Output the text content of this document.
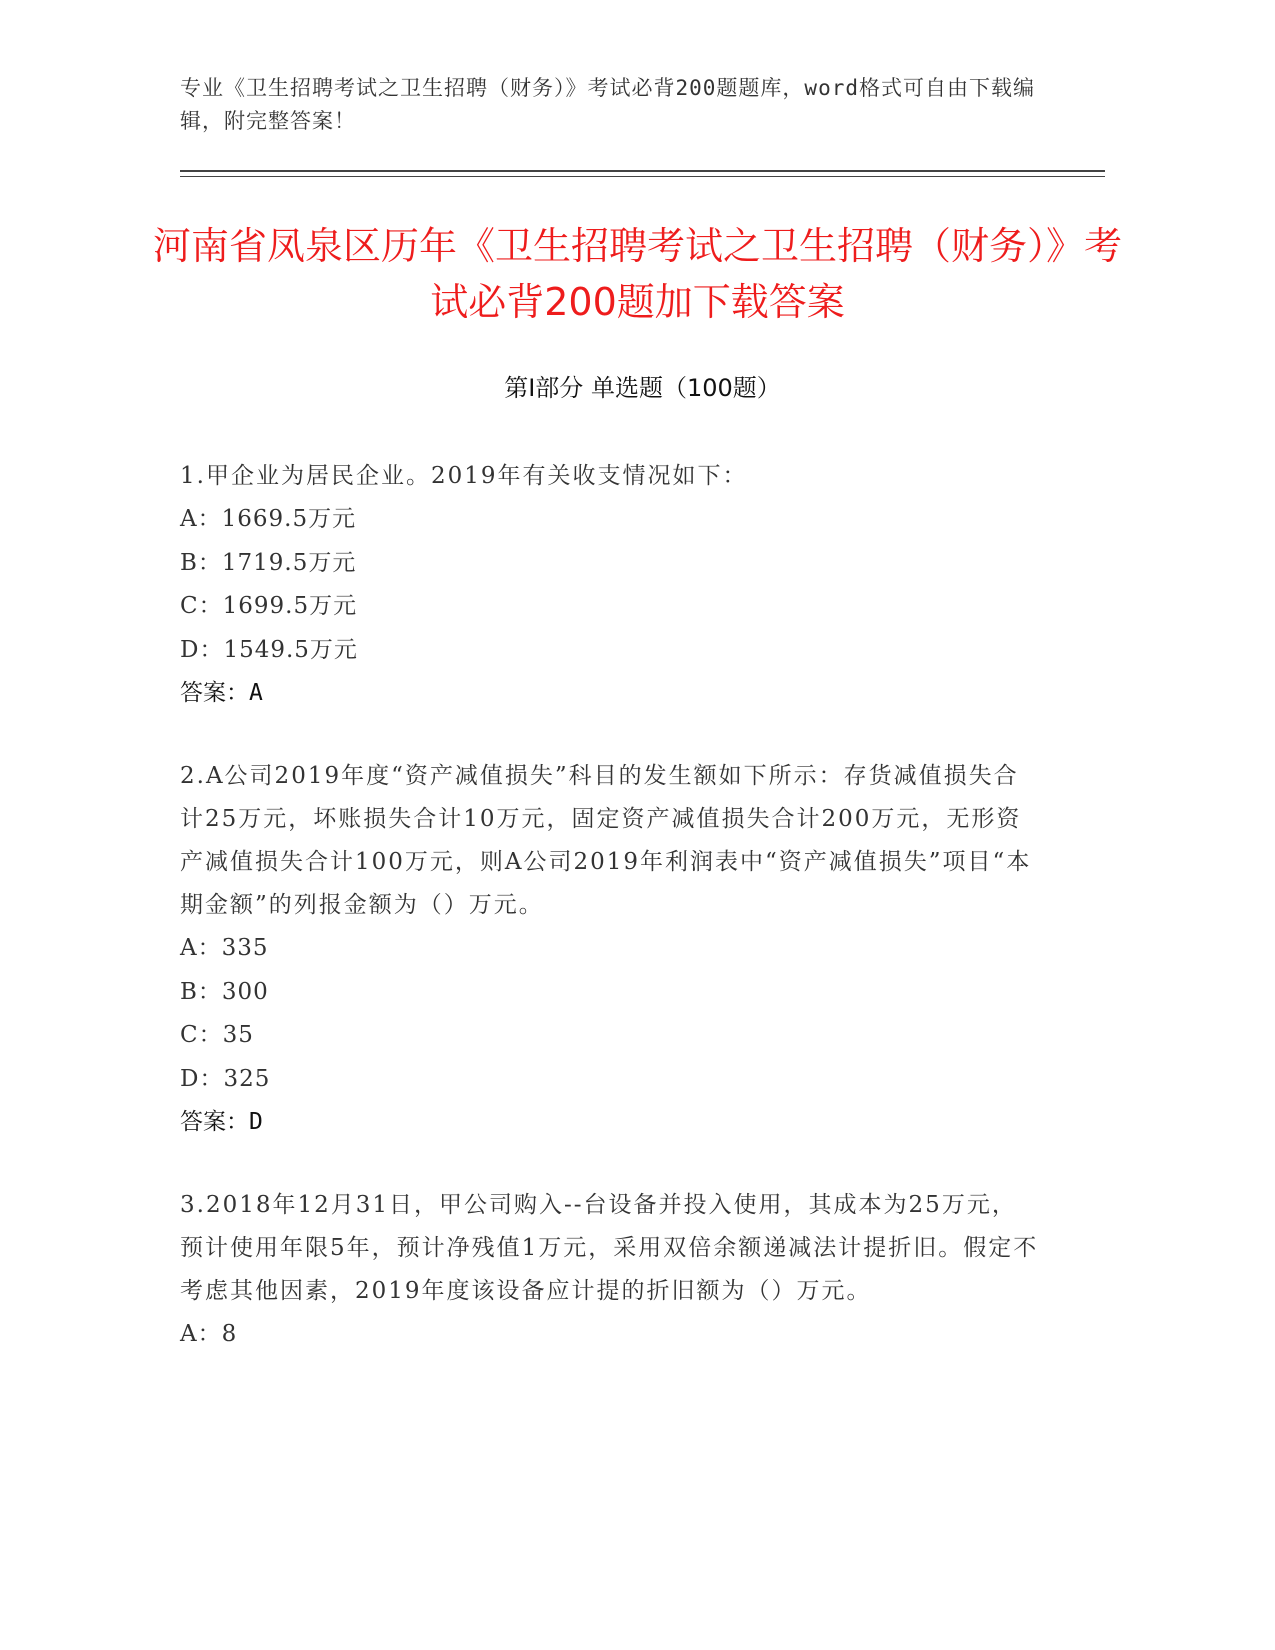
专业《卫生招聘考试之卫生招聘（财务）》考试必背200题题库，word格式可自由下载编辑，附完整答案！
河南省凤泉区历年《卫生招聘考试之卫生招聘（财务）》考试必背200题加下载答案
第Ⅰ部分 单选题（100题）
1.甲企业为居民企业。2019年有关收支情况如下：
A：1669.5万元
B：1719.5万元
C：1699.5万元
D：1549.5万元
答案：A
2.A公司2019年度“资产减值损失”科目的发生额如下所示：存货减值损失合计25万元，坏账损失合计10万元，固定资产减值损失合计200万元，无形资产减值损失合计100万元，则A公司2019年利润表中“资产减值损失”项目“本期金额”的列报金额为（）万元。
A：335
B：300
C：35
D：325
答案：D
3.2018年12月31日，甲公司购入--台设备并投入使用，其成本为25万元，预计使用年限5年，预计净残值1万元，采用双倍余额递减法计提折旧。假定不考虑其他因素，2019年度该设备应计提的折旧额为（）万元。
A：8
